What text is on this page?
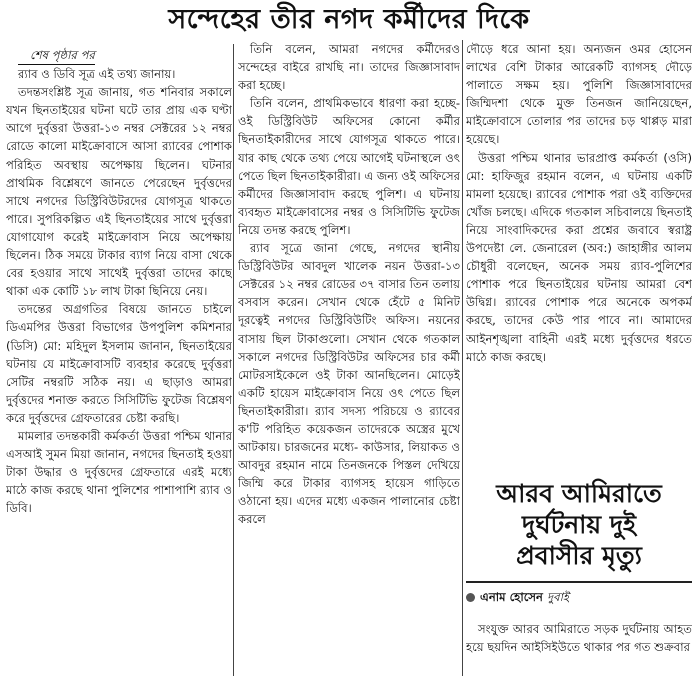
সন্দেহের তীর নগদ কর্মীদের দিকে

শেষ পৃষ্ঠার পর

র‍্যাব ও ডিবি সূত্র এই তথ্য জানায়।

তদন্তসংশ্লিষ্ট সূত্র জানায়, গত শনিবার সকালে যখন ছিনতাইয়ের ঘটনা ঘটে তার প্রায় এক ঘণ্টা আগে দুর্বৃত্তরা উত্তরা-১৩ নম্বর সেক্টরের ১২ নম্বর রোডে কালো মাইক্রোবাসে আসা র‍্যাবের পোশাক পরিহিত অবস্থায় অপেক্ষায় ছিলেন। ঘটনার প্রাথমিক বিশ্লেষণে জানতে পেরেছেন দুর্বৃত্তদের সাথে নগদের ডিস্ট্রিবিউটরদের যোগসূত্র থাকতে পারে। সুপরিকল্পিত এই ছিনতাইয়ের সাথে দুর্বৃত্তরা যোগাযোগ করেই মাইক্রোবাস নিয়ে অপেক্ষায় ছিলেন। ঠিক সময়ে টাকার ব্যাগ নিয়ে বাসা থেকে বের হওয়ার সাথে সাথেই দুর্বৃত্তরা তাদের কাছে থাকা এক কোটি ১৮ লাখ টাকা ছিনিয়ে নেয়।

তদন্তের অগ্রগতির বিষয়ে জানতে চাইলে ডিএমপির উত্তরা বিভাগের উপপুলিশ কমিশনার (ডিসি) মো: মহিদুল ইসলাম জানান, ছিনতাইয়ের ঘটনায় যে মাইক্রোবাসটি ব্যবহার করেছে দুর্বৃত্তরা সেটির নম্বরটি সঠিক নয়। এ ছাড়াও আমরা দুর্বৃত্তদের শনাক্ত করতে সিসিটিভি ফুটেজ বিশ্লেষণ করে দুর্বৃত্তদের গ্রেফতারের চেষ্টা করছি।

মামলার তদন্তকারী কর্মকর্তা উত্তরা পশ্চিম থানার এসআই সুমন মিয়া জানান, নগদের ছিনতাই হওয়া টাকা উদ্ধার ও দুর্বৃত্তদের গ্রেফতারে এরই মধ্যে মাঠে কাজ করছে থানা পুলিশের পাশাপাশি র‍্যাব ও ডিবি।

তিনি বলেন, আমরা নগদের কর্মীদেরও সন্দেহের বাইরে রাখছি না। তাদের জিজ্ঞাসাবাদ করা হচ্ছে।

তিনি বলেন, প্রাথমিকভাবে ধারণা করা হচ্ছে- ওই ডিস্ট্রিবিউট অফিসের কোনো কর্মীর ছিনতাইকারীদের সাথে যোগসূত্র থাকতে পারে। যার কাছ থেকে তথ্য পেয়ে আগেই ঘটনাস্থলে ওৎ পেতে ছিল ছিনতাইকারীরা। এ জন্য ওই অফিসের কর্মীদের জিজ্ঞাসাবাদ করছে পুলিশ। এ ঘটনায় ব্যবহৃত মাইক্রোবাসের নম্বর ও সিসিটিভি ফুটেজ নিয়ে তদন্ত করছে পুলিশ।

র‍্যাব সূত্রে জানা গেছে, নগদের স্থানীয় ডিস্ট্রিবিউটর আবদুল খালেক নয়ন উত্তরা-১৩ সেক্টরের ১২ নম্বর রোডের ৩৭ বাসার তিন তলায় বসবাস করেন। সেখান থেকে হেঁটে ৫ মিনিট দূরত্বেই নগদের ডিস্ট্রিবিউটিং অফিস। নয়নের বাসায় ছিল টাকাগুলো। সেখান থেকে গতকাল সকালে নগদের ডিস্ট্রিবিউটর অফিসের চার কর্মী মোটরসাইকেলে ওই টাকা আনছিলেন। মোড়েই একটি হায়েস মাইক্রোবাস নিয়ে ওৎ পেতে ছিল ছিনতাইকারীরা। র‍্যাব সদস্য পরিচয়ে ও র‍্যাবের ক'টি পরিহিত কয়েকজন তাদেরকে অস্ত্রের মুখে আটকায়। চারজনের মধ্যে- কাউসার, লিয়াকত ও আবদুর রহমান নামে তিনজনকে পিস্তল দেখিয়ে জিম্মি করে টাকার ব্যাগসহ হায়েস গাড়িতে ওঠানো হয়। এদের মধ্যে একজন পালানোর চেষ্টা করলে

দৌড়ে ধরে আনা হয়। অন্যজন ওমর হোসেন লাখের বেশি টাকার আরেকটি ব্যাগসহ দৌড়ে পালাতে সক্ষম হয়। পুলিশি জিজ্ঞাসাবাদের জিম্মিদশা থেকে মুক্ত তিনজন জানিয়েছেন, মাইক্রোবাসে তোলার পর তাদের চড় থাপ্পড় মারা হয়েছে।

উত্তরা পশ্চিম থানার ভারপ্রাপ্ত কর্মকর্তা (ওসি) মো: হাফিজুর রহমান বলেন, এ ঘটনায় একটি মামলা হয়েছে। র‍্যাবের পোশাক পরা ওই ব্যক্তিদের খোঁজ চলছে। এদিকে গতকাল সচিবালয়ে ছিনতাই নিয়ে সাংবাদিকদের করা প্রশ্নের জবাবে স্বরাষ্ট্র উপদেষ্টা লে. জেনারেল (অব:) জাহাঙ্গীর আলম চৌধুরী বলেছেন, অনেক সময় র‍্যাব-পুলিশের পোশাক পরে ছিনতাইয়ের ঘটনায় আমরা বেশ উদ্বিগ্ন। র‍্যাবের পোশাক পরে অনেকে অপকর্ম করছে, তাদের কেউ পার পাবে না। আমাদের আইনশৃঙ্খলা বাহিনী এরই মধ্যে দুর্বৃত্তদের ধরতে মাঠে কাজ করছে।

আরব আমিরাতে
দুর্ঘটনায় দুই
প্রবাসীর মৃত্যু

এনাম হোসেন দুবাই

সংযুক্ত আরব আমিরাতে সড়ক দুর্ঘটনায় আহত হয়ে ছয়দিন আইসিইউতে থাকার পর গত শুক্রবার
